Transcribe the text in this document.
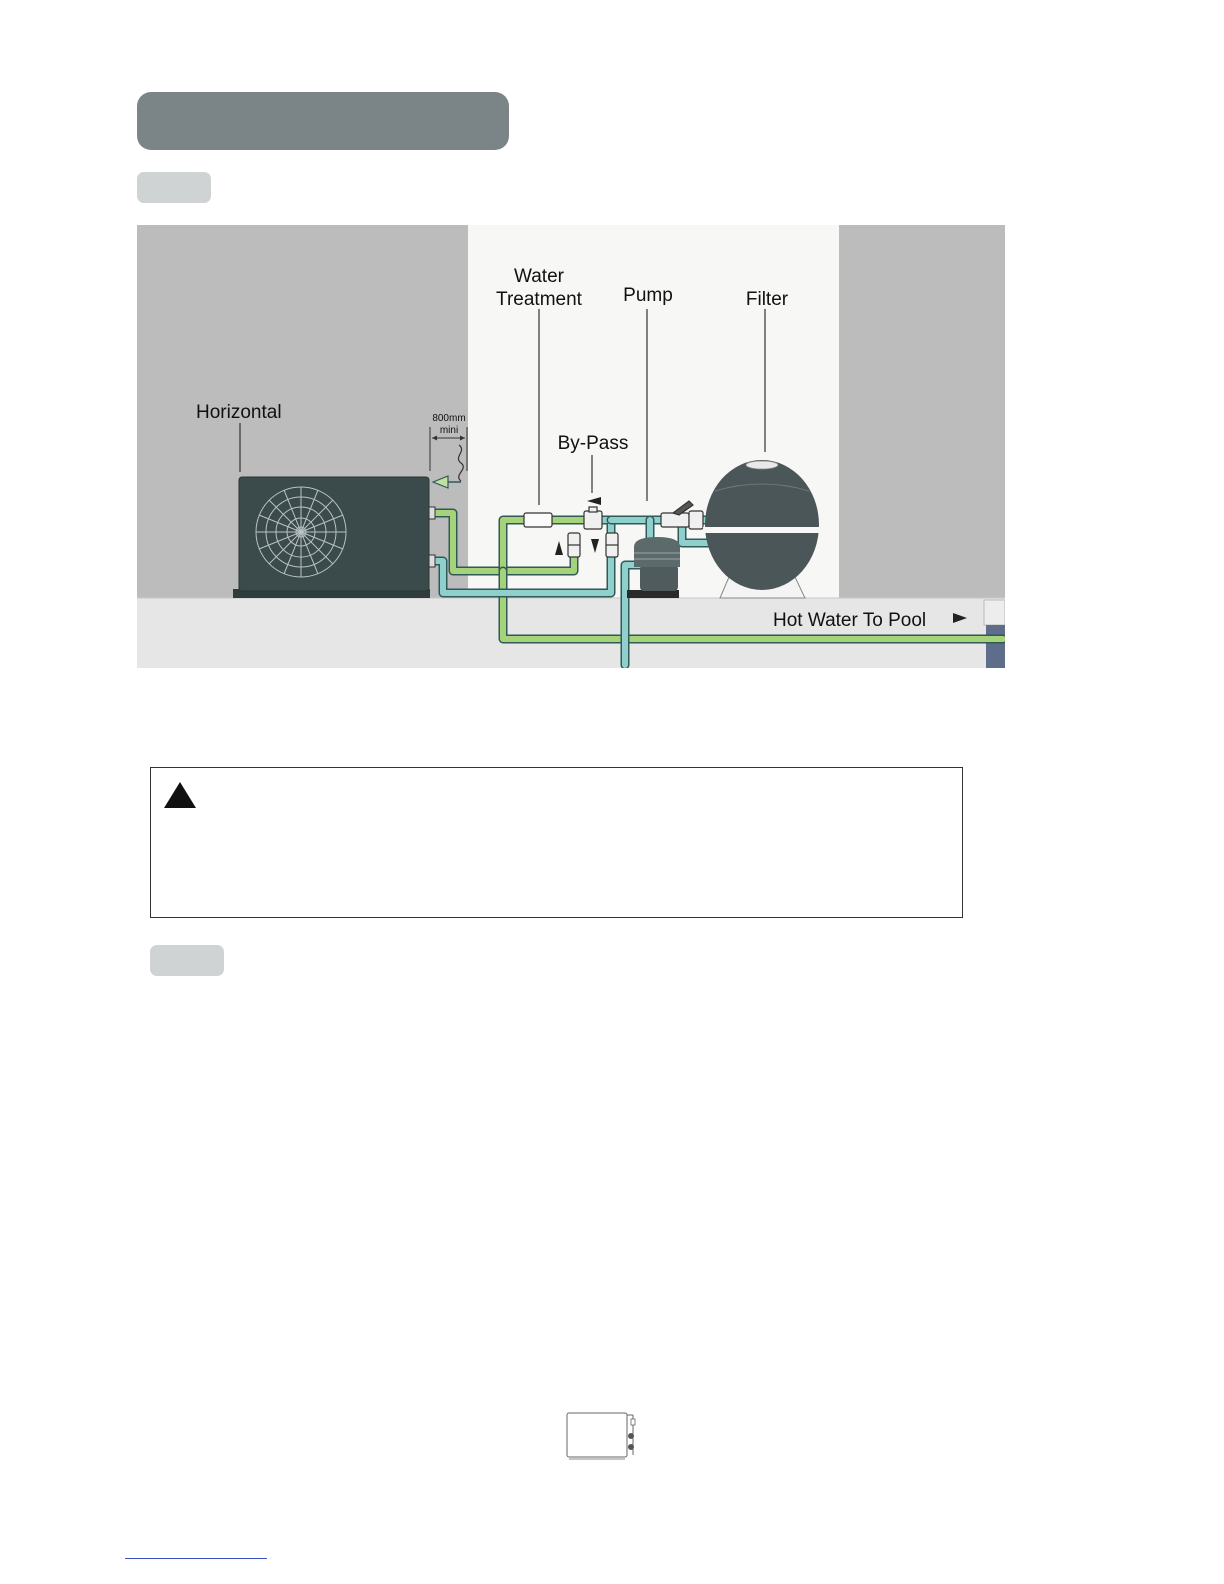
Water
Treatment Pump	Filter
Horizontal
By-Pass
800mm
mini
Hot Water To Pool
